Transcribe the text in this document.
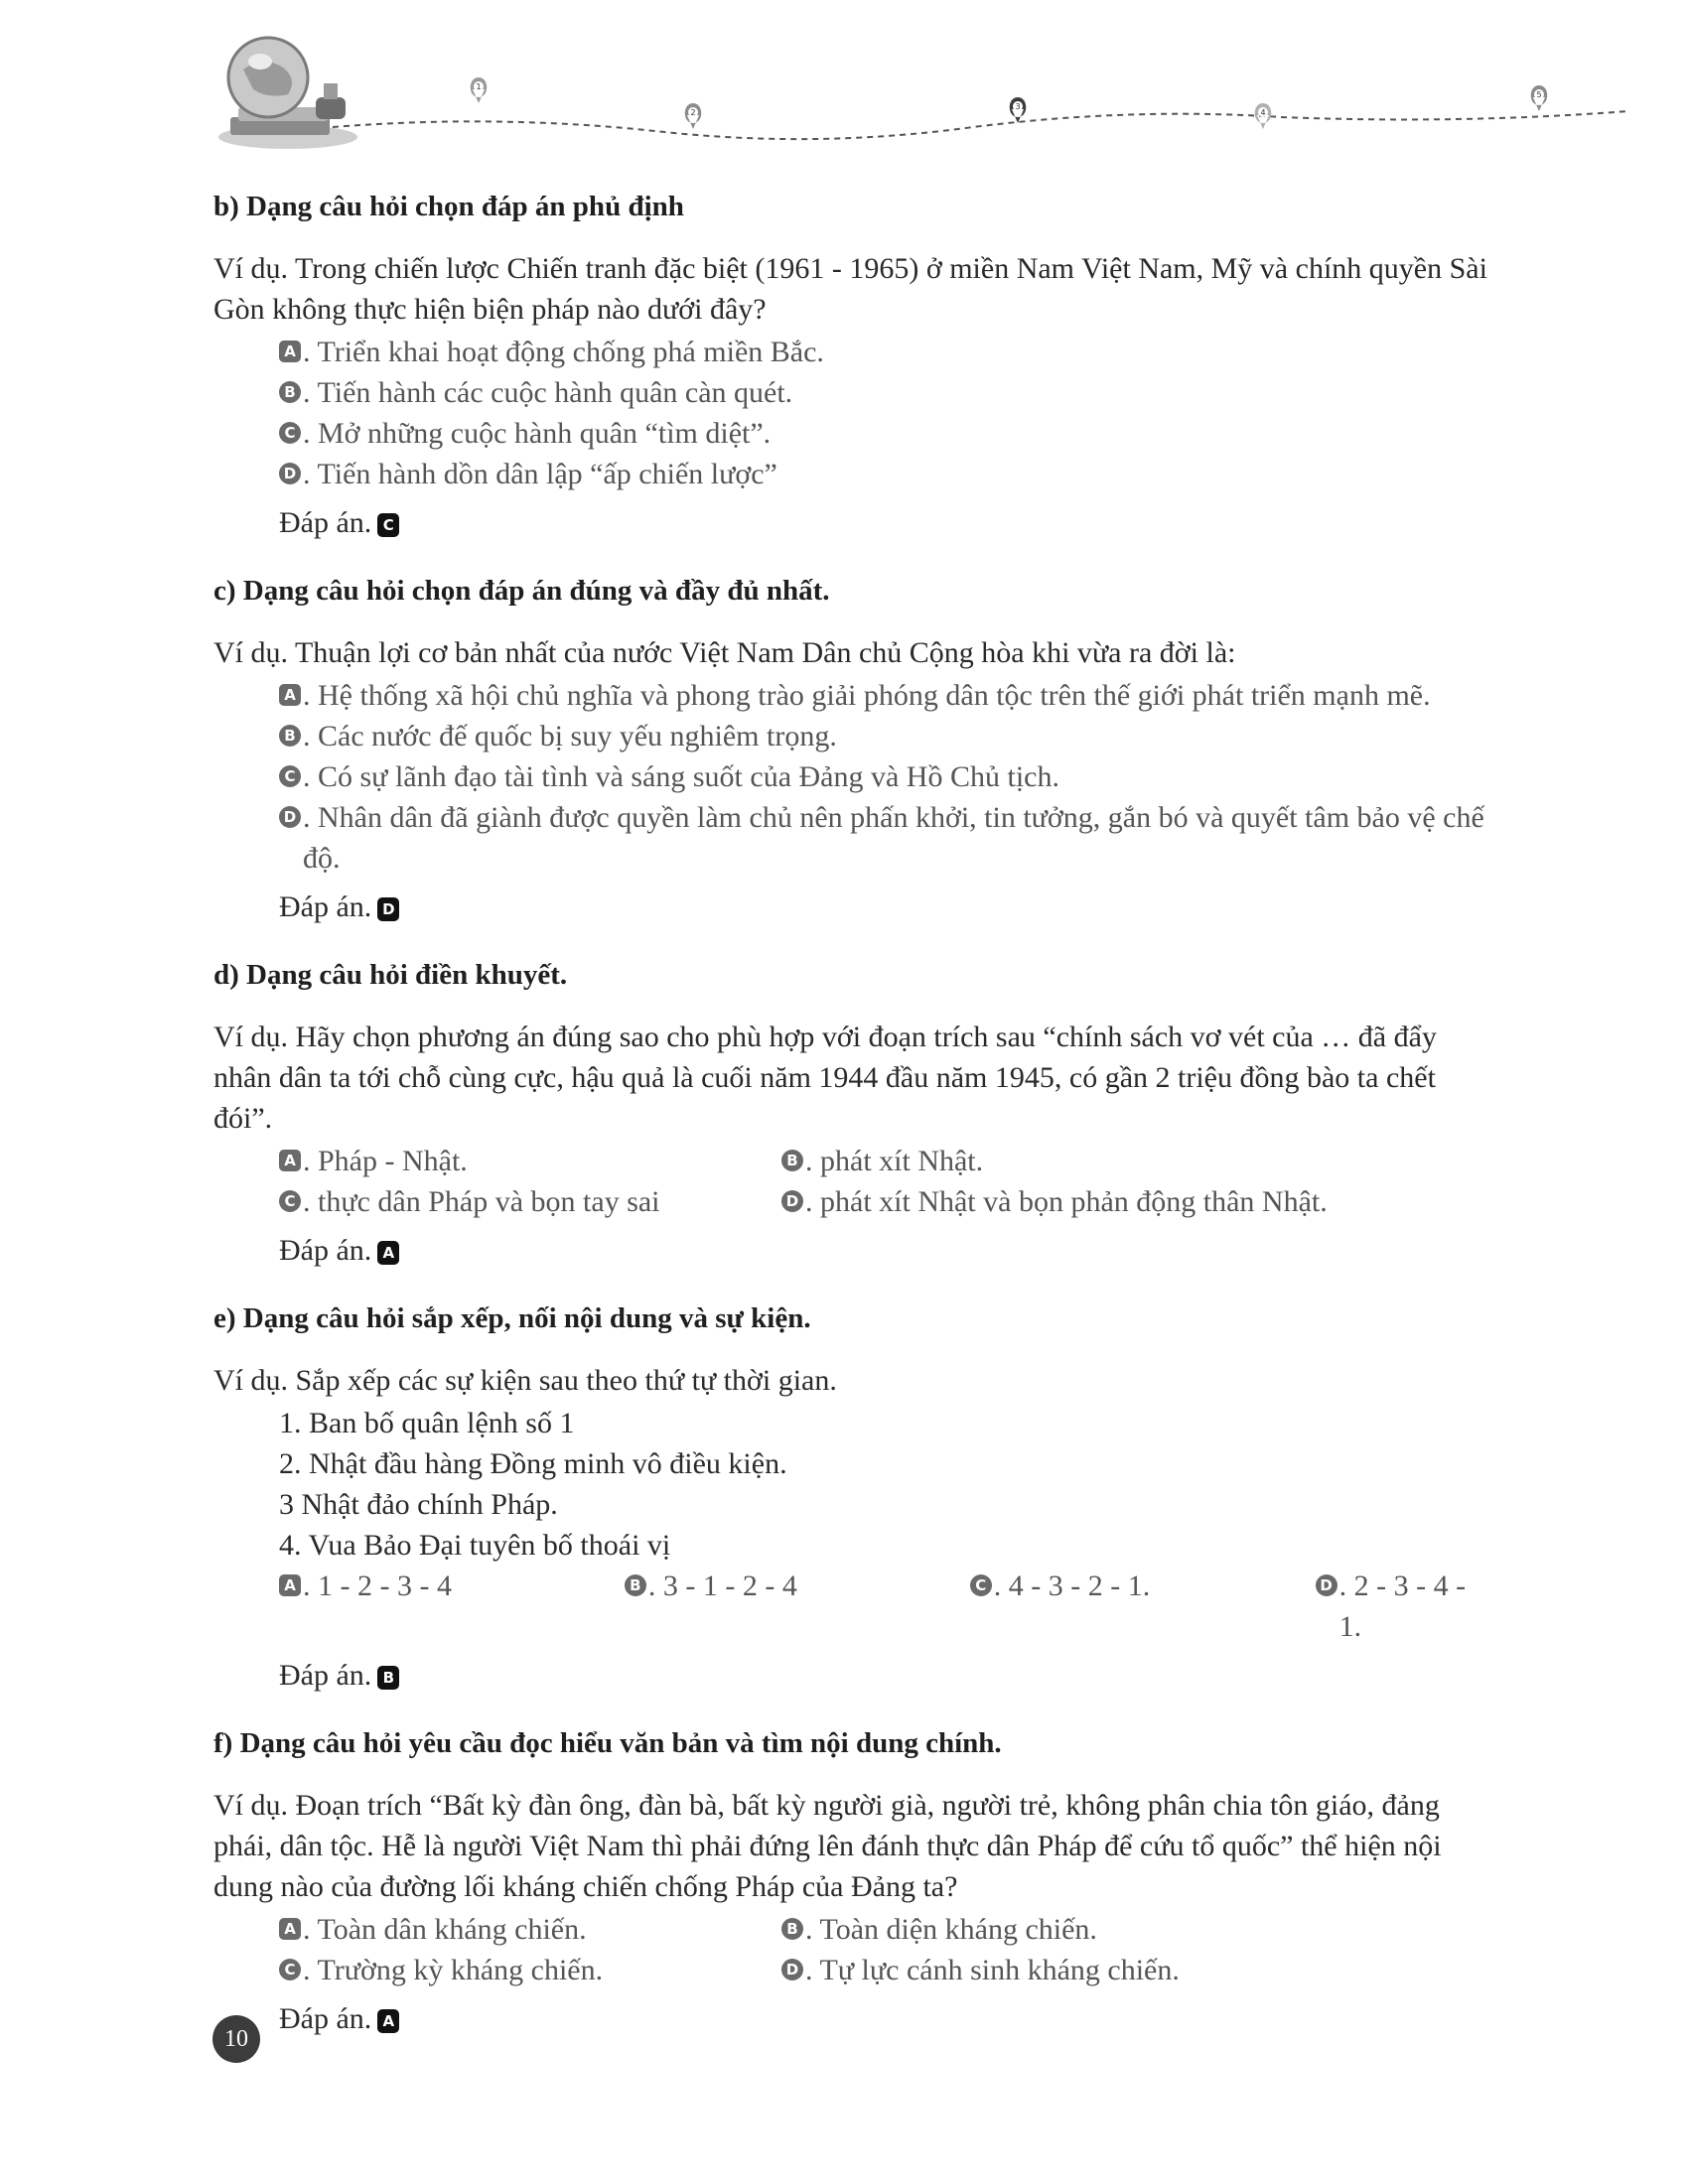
1
2
3
4
5
b) Dạng câu hỏi chọn đáp án phủ định
Ví dụ. Trong chiến lược Chiến tranh đặc biệt (1961 - 1965) ở miền Nam Việt Nam, Mỹ và chính quyền Sài Gòn không thực hiện biện pháp nào dưới đây?
A . Triển khai hoạt động chống phá miền Bắc.
B . Tiến hành các cuộc hành quân càn quét.
C . Mở những cuộc hành quân “tìm diệt”.
D . Tiến hành dồn dân lập “ấp chiến lược”
Đáp án. C
c) Dạng câu hỏi chọn đáp án đúng và đầy đủ nhất.
Ví dụ. Thuận lợi cơ bản nhất của nước Việt Nam Dân chủ Cộng hòa khi vừa ra đời là:
A . Hệ thống xã hội chủ nghĩa và phong trào giải phóng dân tộc trên thế giới phát triển mạnh mẽ.
B . Các nước đế quốc bị suy yếu nghiêm trọng.
C . Có sự lãnh đạo tài tình và sáng suốt của Đảng và Hồ Chủ tịch.
D . Nhân dân đã giành được quyền làm chủ nên phấn khởi, tin tưởng, gắn bó và quyết tâm bảo vệ chế độ.
Đáp án. D
d) Dạng câu hỏi điền khuyết.
Ví dụ. Hãy chọn phương án đúng sao cho phù hợp với đoạn trích sau “chính sách vơ vét của … đã đẩy nhân dân ta tới chỗ cùng cực, hậu quả là cuối năm 1944 đầu năm 1945, có gần 2 triệu đồng bào ta chết đói”.
A . Pháp - Nhật.	B . phát xít Nhật.
C . thực dân Pháp và bọn tay sai	D . phát xít Nhật và bọn phản động thân Nhật.
Đáp án. A
e) Dạng câu hỏi sắp xếp, nối nội dung và sự kiện.
Ví dụ. Sắp xếp các sự kiện sau theo thứ tự thời gian.
1. Ban bố quân lệnh số 1
2. Nhật đầu hàng Đồng minh vô điều kiện.
3 Nhật đảo chính Pháp.
4. Vua Bảo Đại tuyên bố thoái vị
A . 1 - 2 - 3 - 4	B . 3 - 1 - 2 - 4	C . 4 - 3 - 2 - 1.	D . 2 - 3 - 4 - 1.
Đáp án. B
f) Dạng câu hỏi yêu cầu đọc hiểu văn bản và tìm nội dung chính.
Ví dụ. Đoạn trích “Bất kỳ đàn ông, đàn bà, bất kỳ người già, người trẻ, không phân chia tôn giáo, đảng phái, dân tộc. Hễ là người Việt Nam thì phải đứng lên đánh thực dân Pháp để cứu tổ quốc” thể hiện nội dung nào của đường lối kháng chiến chống Pháp của Đảng ta?
A . Toàn dân kháng chiến.	B . Toàn diện kháng chiến.
C . Trường kỳ kháng chiến.	D . Tự lực cánh sinh kháng chiến.
Đáp án. A
10
